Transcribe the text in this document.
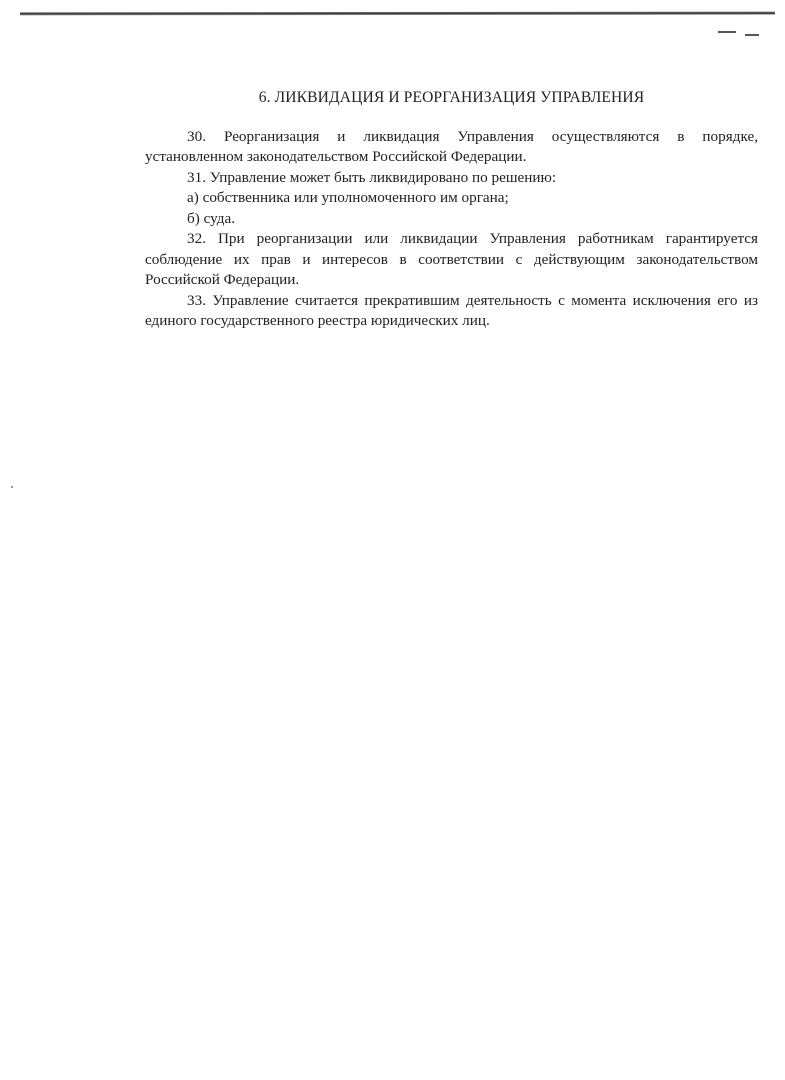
6. ЛИКВИДАЦИЯ И РЕОРГАНИЗАЦИЯ УПРАВЛЕНИЯ

30. Реорганизация и ликвидация Управления осуществляются в порядке, установленном законодательством Российской Федерации.

31. Управление может быть ликвидировано по решению:

а) собственника или уполномоченного им органа;

б) суда.

32. При реорганизации или ликвидации Управления работникам гарантируется соблюдение их прав и интересов в соответствии с действующим законодательством Российской Федерации.

33. Управление считается прекратившим деятельность с момента исключения его из единого государственного реестра юридических лиц.
